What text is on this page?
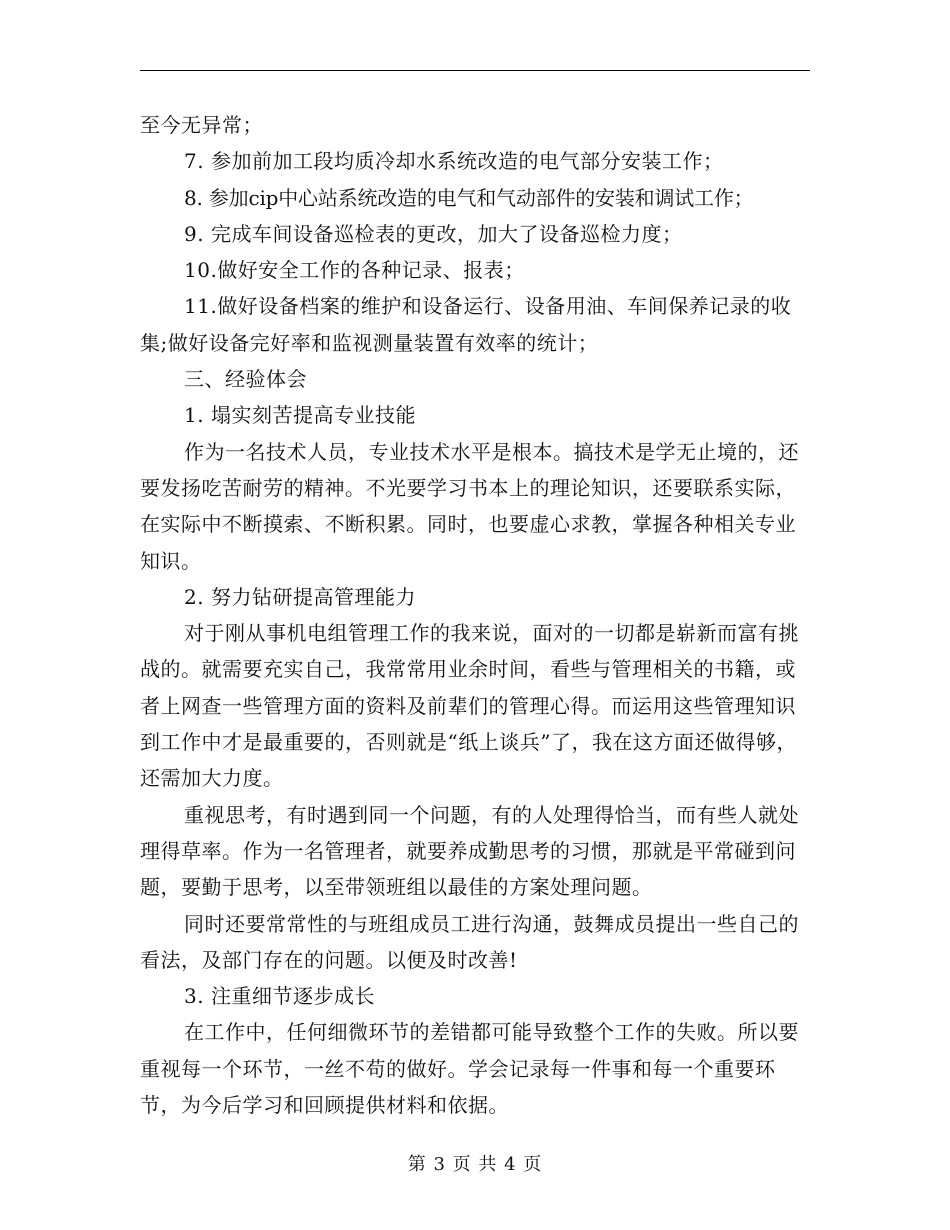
至今无异常；

7. 参加前加工段均质冷却水系统改造的电气部分安装工作；

8. 参加cip中心站系统改造的电气和气动部件的安装和调试工作；

9. 完成车间设备巡检表的更改，加大了设备巡检力度；

10.做好安全工作的各种记录、报表；

11.做好设备档案的维护和设备运行、设备用油、车间保养记录的收集;做好设备完好率和监视测量装置有效率的统计；

三、经验体会

1. 塌实刻苦提高专业技能

作为一名技术人员，专业技术水平是根本。搞技术是学无止境的，还要发扬吃苦耐劳的精神。不光要学习书本上的理论知识，还要联系实际，在实际中不断摸索、不断积累。同时，也要虚心求教，掌握各种相关专业知识。

2. 努力钻研提高管理能力

对于刚从事机电组管理工作的我来说，面对的一切都是崭新而富有挑战的。就需要充实自己，我常常用业余时间，看些与管理相关的书籍，或者上网查一些管理方面的资料及前辈们的管理心得。而运用这些管理知识到工作中才是最重要的，否则就是“纸上谈兵”了，我在这方面还做得够，还需加大力度。

重视思考，有时遇到同一个问题，有的人处理得恰当，而有些人就处理得草率。作为一名管理者，就要养成勤思考的习惯，那就是平常碰到问题，要勤于思考，以至带领班组以最佳的方案处理问题。

同时还要常常性的与班组成员工进行沟通，鼓舞成员提出一些自己的看法，及部门存在的问题。以便及时改善!

3. 注重细节逐步成长

在工作中，任何细微环节的差错都可能导致整个工作的失败。所以要重视每一个环节，一丝不苟的做好。学会记录每一件事和每一个重要环节，为今后学习和回顾提供材料和依据。

第 3 页 共 4 页
